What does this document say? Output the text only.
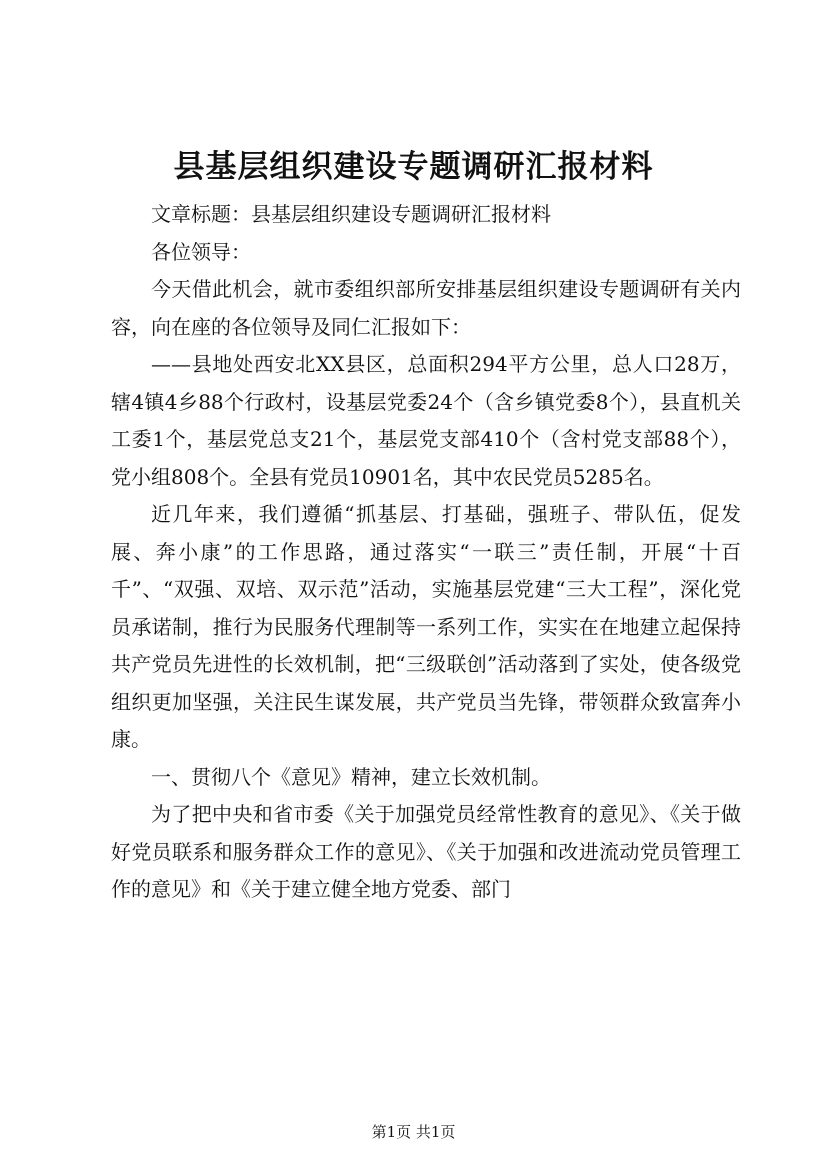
县基层组织建设专题调研汇报材料

文章标题：县基层组织建设专题调研汇报材料

各位领导：

今天借此机会，就市委组织部所安排基层组织建设专题调研有关内容，向在座的各位领导及同仁汇报如下：

——县地处西安北XX县区，总面积294平方公里，总人口28万，辖4镇4乡88个行政村，设基层党委24个（含乡镇党委8个），县直机关工委1个，基层党总支21个，基层党支部410个（含村党支部88个），党小组808个。全县有党员10901名，其中农民党员5285名。

近几年来，我们遵循“抓基层、打基础，强班子、带队伍，促发展、奔小康”的工作思路，通过落实“一联三”责任制，开展“十百千”、“双强、双培、双示范”活动，实施基层党建“三大工程”，深化党员承诺制，推行为民服务代理制等一系列工作，实实在在地建立起保持共产党员先进性的长效机制，把“三级联创”活动落到了实处，使各级党组织更加坚强，关注民生谋发展，共产党员当先锋，带领群众致富奔小康。

一、贯彻八个《意见》精神，建立长效机制。

为了把中央和省市委《关于加强党员经常性教育的意见》、《关于做好党员联系和服务群众工作的意见》、《关于加强和改进流动党员管理工作的意见》和《关于建立健全地方党委、部门

第1页 共1页
